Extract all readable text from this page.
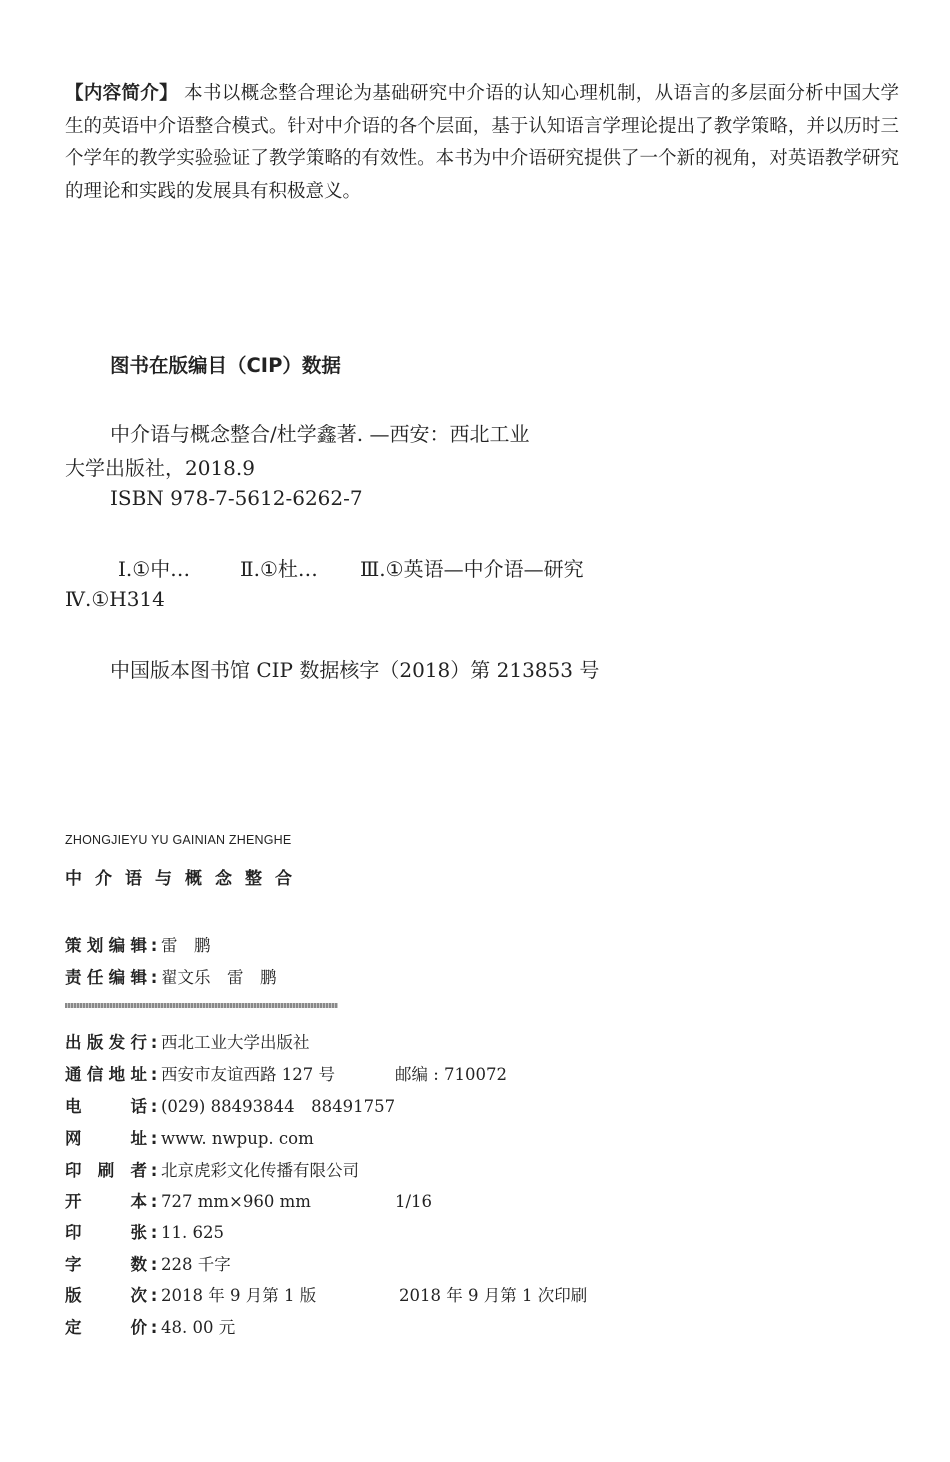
【内容简介】 本书以概念整合理论为基础研究中介语的认知心理机制，从语言的多层面分析中国大学生的英语中介语整合模式。针对中介语的各个层面，基于认知语言学理论提出了教学策略，并以历时三个学年的教学实验验证了教学策略的有效性。本书为中介语研究提供了一个新的视角，对英语教学研究的理论和实践的发展具有积极意义。
图书在版编目（CIP）数据
中介语与概念整合/杜学鑫著. —西安：西北工业
大学出版社，2018.9
ISBN 978-7-5612-6262-7
Ⅰ.①中… Ⅱ.①杜… Ⅲ.①英语—中介语—研究
Ⅳ.①H314
中国版本图书馆 CIP 数据核字（2018）第 213853 号
ZHONGJIEYU YU GAINIAN ZHENGHE
中介语与概念整合
策划编辑 : 雷　鹏
责任编辑 : 翟文乐　雷　鹏
出版发行 : 西北工业大学出版社
通信地址 : 西安市友谊西路 127 号	邮编 : 710072
电话 : (029) 88493844　88491757
网址 : www. nwpup. com
印刷者 : 北京虎彩文化传播有限公司
开本 : 727 mm×960 mm	1/16
印张 : 11. 625
字数 : 228 千字
版次 : 2018 年 9 月第 1 版	2018 年 9 月第 1 次印刷
定价 : 48. 00 元
